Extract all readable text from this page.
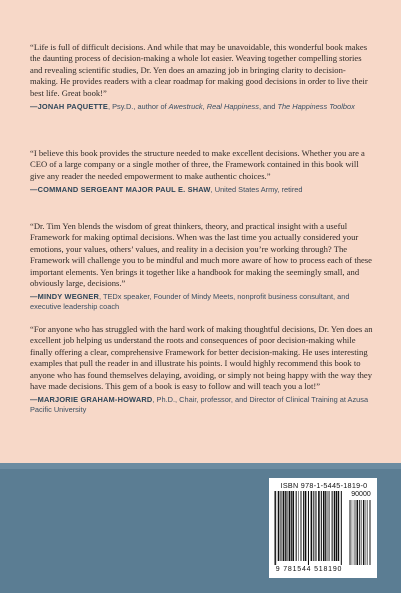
“Life is full of difficult decisions. And while that may be unavoidable, this wonderful book makes the daunting process of decision-making a whole lot easier. Weaving together compelling stories and revealing scientific studies, Dr. Yen does an amazing job in bringing clarity to decision-making. He provides readers with a clear roadmap for making good decisions in order to live their best life. Great book!”

—JONAH PAQUETTE, Psy.D., author of Awestruck, Real Happiness, and The Happiness Toolbox

“I believe this book provides the structure needed to make excellent decisions. Whether you are a CEO of a large company or a single mother of three, the Framework contained in this book will give any reader the needed empowerment to make authentic choices.”

—COMMAND SERGEANT MAJOR PAUL E. SHAW, United States Army, retired

“Dr. Tim Yen blends the wisdom of great thinkers, theory, and practical insight with a useful Framework for making optimal decisions. When was the last time you actually considered your emotions, your values, others’ values, and reality in a decision you’re working through? The Framework will challenge you to be mindful and much more aware of how to process each of these important elements. Yen brings it together like a handbook for making the seemingly small, and obviously large, decisions.”

—MINDY WEGNER, TEDx speaker, Founder of Mindy Meets, nonprofit business consultant, and executive leadership coach

“For anyone who has struggled with the hard work of making thoughtful decisions, Dr. Yen does an excellent job helping us understand the roots and consequences of poor decision-making while finally offering a clear, comprehensive Framework for better decision-making. He uses interesting examples that pull the reader in and illustrate his points. I would highly recommend this book to anyone who has found themselves delaying, avoiding, or simply not being happy with the way they have made decisions. This gem of a book is easy to follow and will teach you a lot!”

—MARJORIE GRAHAM-HOWARD, Ph.D., Chair, professor, and Director of Clinical Training at Azusa Pacific University

ISBN 978-1-5445-1819-0
90000
9 781544 518190
